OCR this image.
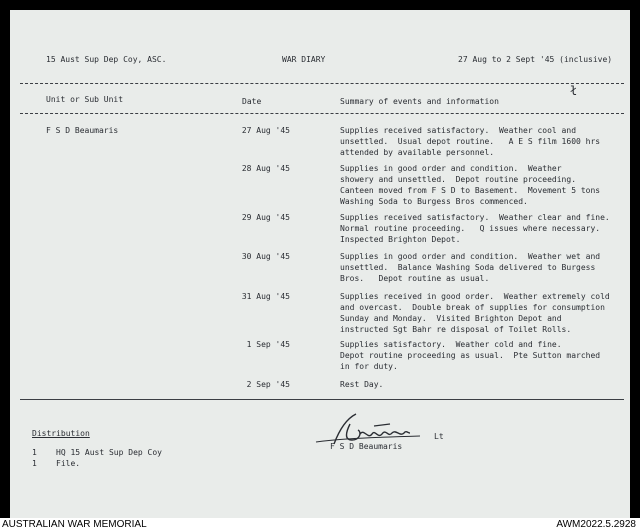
15 Aust Sup Dep Coy, ASC.	WAR DIARY	27 Aug to 2 Sept '45 (inclusive)
ł
Unit or Sub Unit	Date	Summary of events and information
F S D Beaumaris	27 Aug '45	Supplies received satisfactory.  Weather cool and
unsettled.  Usual depot routine.   A E S film 1600 hrs
attended by available personnel.
28 Aug '45	Supplies in good order and condition.  Weather
showery and unsettled.  Depot routine proceeding.
Canteen moved from F S D to Basement.  Movement 5 tons
Washing Soda to Burgess Bros commenced.
29 Aug '45	Supplies received satisfactory.  Weather clear and fine.
Normal routine proceeding.   Q issues where necessary.
Inspected Brighton Depot.
30 Aug '45	Supplies in good order and condition.  Weather wet and
unsettled.  Balance Washing Soda delivered to Burgess
Bros.   Depot routine as usual.
31 Aug '45	Supplies received in good order.  Weather extremely cold
and overcast.  Double break of supplies for consumption
Sunday and Monday.  Visited Brighton Depot and
instructed Sgt Bahr re disposal of Toilet Rolls.
1 Sep '45	Supplies satisfactory.  Weather cold and fine.
Depot routine proceeding as usual.  Pte Sutton marched
in for duty.
2 Sep '45	Rest Day.
Distribution
1 HQ 15 Aust Sup Dep Coy
1 File.
Lt
F S D Beaumaris
AUSTRALIAN WAR MEMORIAL	AWM2022.5.2928
